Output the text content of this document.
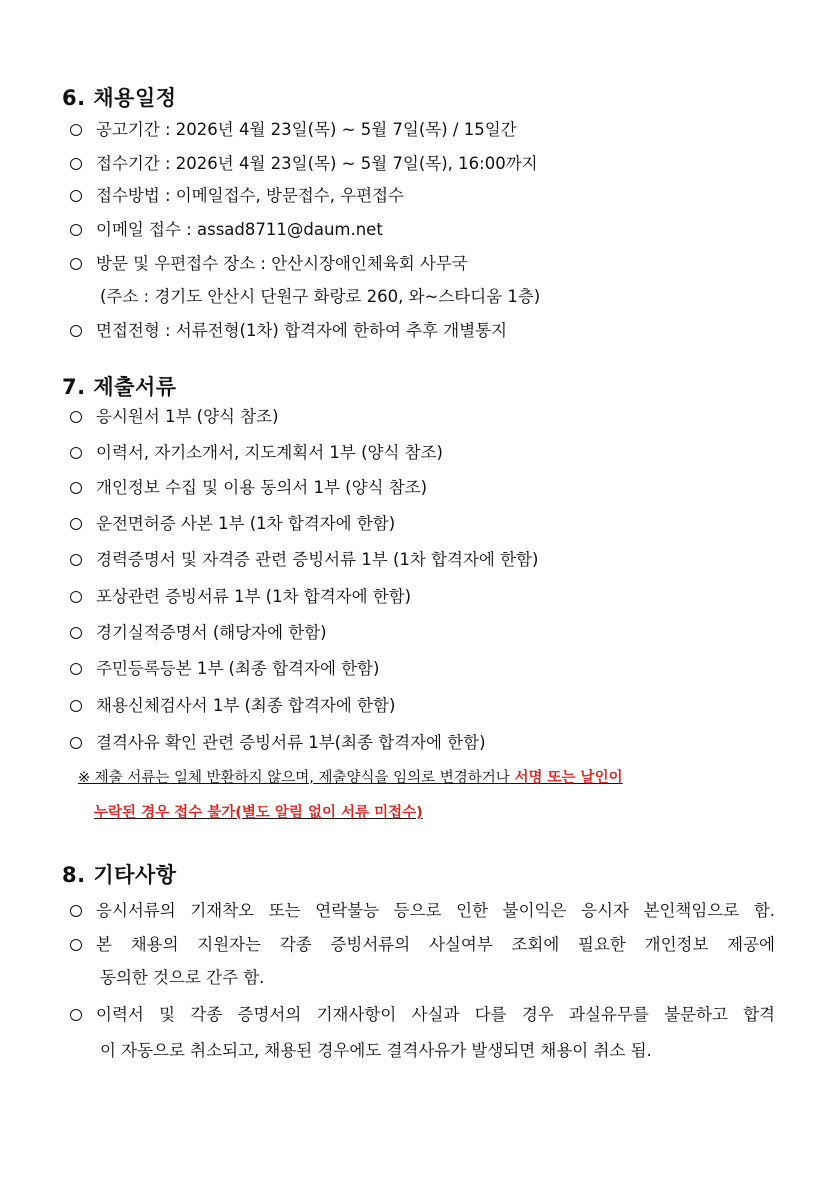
6. 채용일정
공고기간 : 2026년 4월 23일(목) ~ 5월 7일(목) / 15일간
접수기간 : 2026년 4월 23일(목) ~ 5월 7일(목), 16:00까지
접수방법 : 이메일접수, 방문접수, 우편접수
이메일 접수 : assad8711@daum.net
방문 및 우편접수 장소 : 안산시장애인체육회 사무국
(주소 : 경기도 안산시 단원구 화랑로 260, 와~스타디움 1층)
면접전형 : 서류전형(1차) 합격자에 한하여 추후 개별통지
7. 제출서류
응시원서 1부 (양식 참조)
이력서, 자기소개서, 지도계획서 1부 (양식 참조)
개인정보 수집 및 이용 동의서 1부 (양식 참조)
운전면허증 사본 1부 (1차 합격자에 한함)
경력증명서 및 자격증 관련 증빙서류 1부 (1차 합격자에 한함)
포상관련 증빙서류 1부 (1차 합격자에 한함)
경기실적증명서 (해당자에 한함)
주민등록등본 1부 (최종 합격자에 한함)
채용신체검사서 1부 (최종 합격자에 한함)
결격사유 확인 관련 증빙서류 1부(최종 합격자에 한함)
※ 제출 서류는 일체 반환하지 않으며, 제출양식을 임의로 변경하거나 서명 또는 날인이
누락된 경우 접수 불가(별도 알림 없이 서류 미접수)
8. 기타사항
응시서류의 기재착오 또는 연락불능 등으로 인한 불이익은 응시자 본인책임으로 함.
본 채용의 지원자는 각종 증빙서류의 사실여부 조회에 필요한 개인정보 제공에
동의한 것으로 간주 함.
이력서 및 각종 증명서의 기재사항이 사실과 다를 경우 과실유무를 불문하고 합격
이 자동으로 취소되고, 채용된 경우에도 결격사유가 발생되면 채용이 취소 됨.
